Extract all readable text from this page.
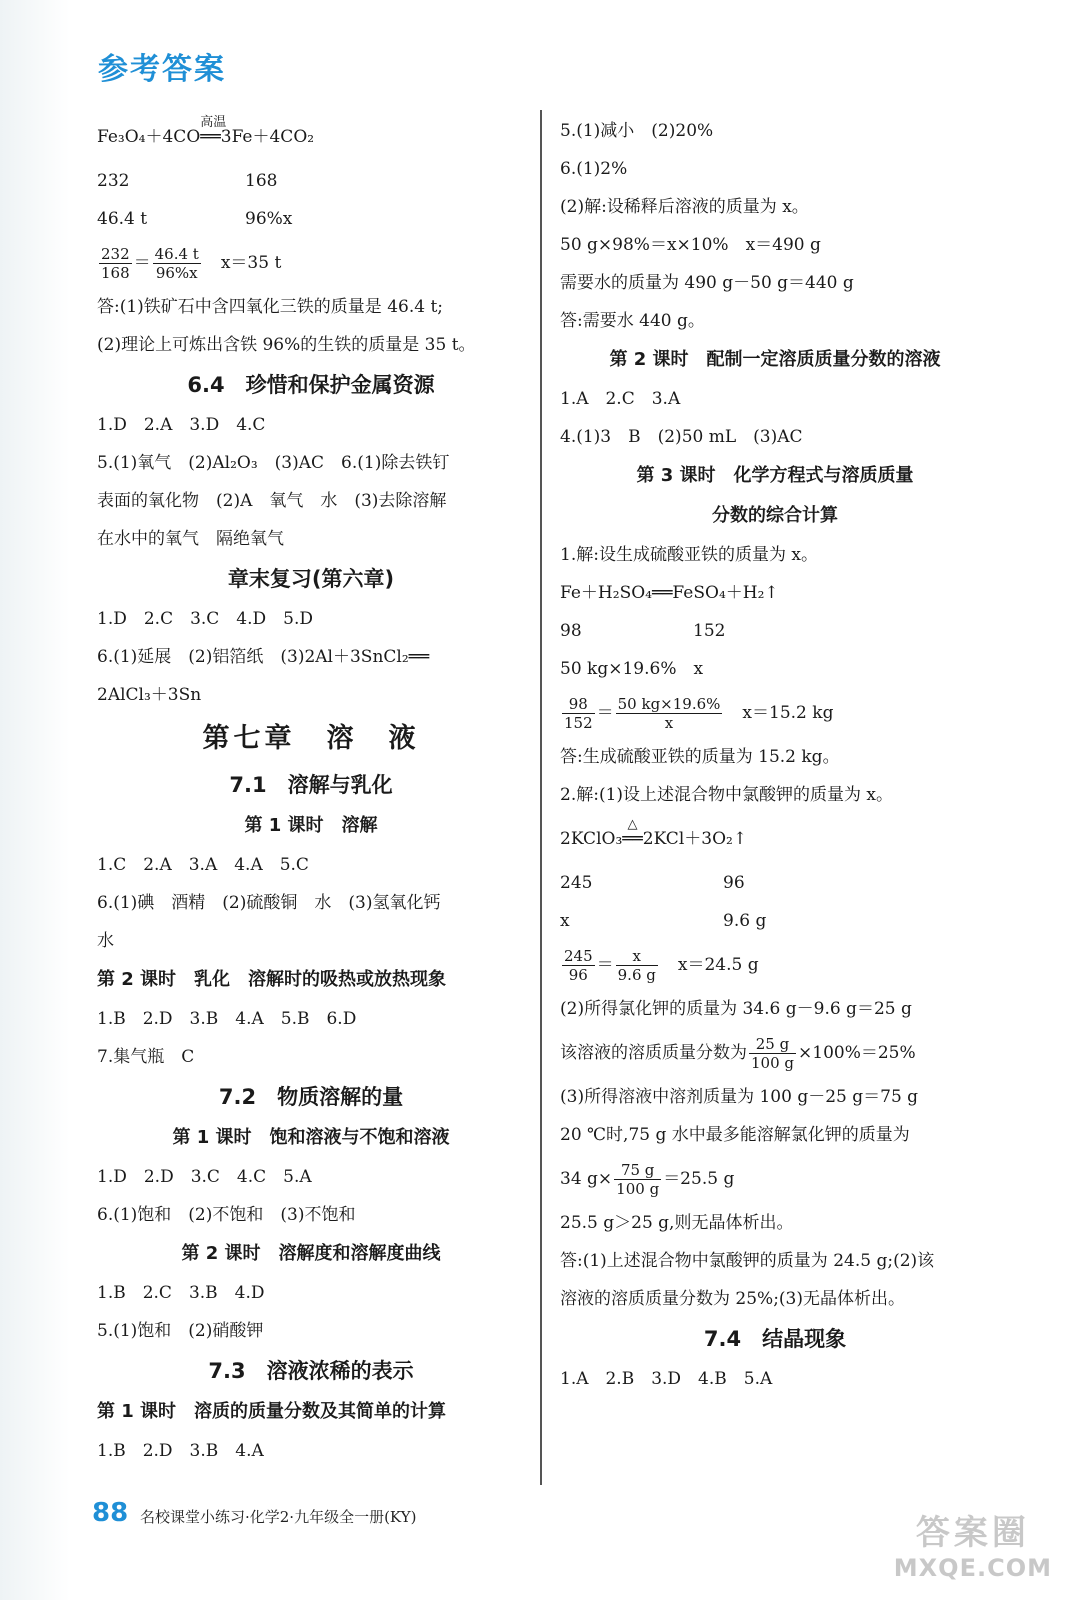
参考答案
Fe₃O₄＋4CO
高温
══3Fe＋4CO₂
232	168
46.4 t	96%x
$\frac{232}{168} = \frac{46.4 t}{96\%x} x=35$ t
答:(1)铁矿石中含四氧化三铁的质量是 46.4 t;
(2)理论上可炼出含铁 96%的生铁的质量是 35 t。
6.4　珍惜和保护金属资源
1.D　2.A　3.D　4.C
5.(1)氧气　(2)Al₂O₃　(3)AC　6.(1)除去铁钉
表面的氧化物　(2)A　氧气　水　(3)去除溶解
在水中的氧气　隔绝氧气
章末复习(第六章)
1.D　2.C　3.C　4.D　5.D
6.(1)延展　(2)铝箔纸　(3)2Al＋3SnCl₂══
2AlCl₃＋3Sn
第七章　溶　液
7.1　溶解与乳化
第 1 课时　溶解
1.C　2.A　3.A　4.A　5.C
6.(1)碘　酒精　(2)硫酸铜　水　(3)氢氧化钙
水
第 2 课时　乳化　溶解时的吸热或放热现象
1.B　2.D　3.B　4.A　5.B　6.D
7.集气瓶　C
7.2　物质溶解的量
第 1 课时　饱和溶液与不饱和溶液
1.D　2.D　3.C　4.C　5.A
6.(1)饱和　(2)不饱和　(3)不饱和
第 2 课时　溶解度和溶解度曲线
1.B　2.C　3.B　4.D
5.(1)饱和　(2)硝酸钾
7.3　溶液浓稀的表示
第 1 课时　溶质的质量分数及其简单的计算
1.B　2.D　3.B　4.A
5.(1)减小　(2)20%
6.(1)2%
(2)解:设稀释后溶液的质量为 x。
50 g×98%＝x×10%　x＝490 g
需要水的质量为 490 g－50 g＝440 g
答:需要水 440 g。
第 2 课时　配制一定溶质质量分数的溶液
1.A　2.C　3.A
4.(1)3　B　(2)50 mL　(3)AC
第 3 课时　化学方程式与溶质质量
分数的综合计算
1.解:设生成硫酸亚铁的质量为 x。
Fe＋H₂SO₄══FeSO₄＋H₂↑
98	152
50 kg×19.6%　x
$\frac{98}{152} = \frac{50 kg\times 19.6\%}{x} x=15.2$ kg
答:生成硫酸亚铁的质量为 15.2 kg。
2.解:(1)设上述混合物中氯酸钾的质量为 x。
2KClO₃
△
══2KCl＋3O₂↑
245	96
x	9.6 g
$\frac{245}{96} = \frac{x}{9.6 g} x=24.5$ g
(2)所得氯化钾的质量为 34.6 g－9.6 g＝25 g
该溶液的溶质质量分数为 $\frac{25 g}{100 g} \times 100\%=25\%$
(3)所得溶液中溶剂质量为 100 g－25 g＝75 g
20 ℃时,75 g 水中最多能溶解氯化钾的质量为
34 $g\times \frac{75 g}{100 g} =25.5$ g
25.5 g＞25 g,则无晶体析出。
答:(1)上述混合物中氯酸钾的质量为 24.5 g;(2)该
溶液的溶质质量分数为 25%;(3)无晶体析出。
7.4　结晶现象
1.A　2.B　3.D　4.B　5.A
88 名校课堂小练习·化学2·九年级全一册(KY)	答案圈
MXQE.COM
